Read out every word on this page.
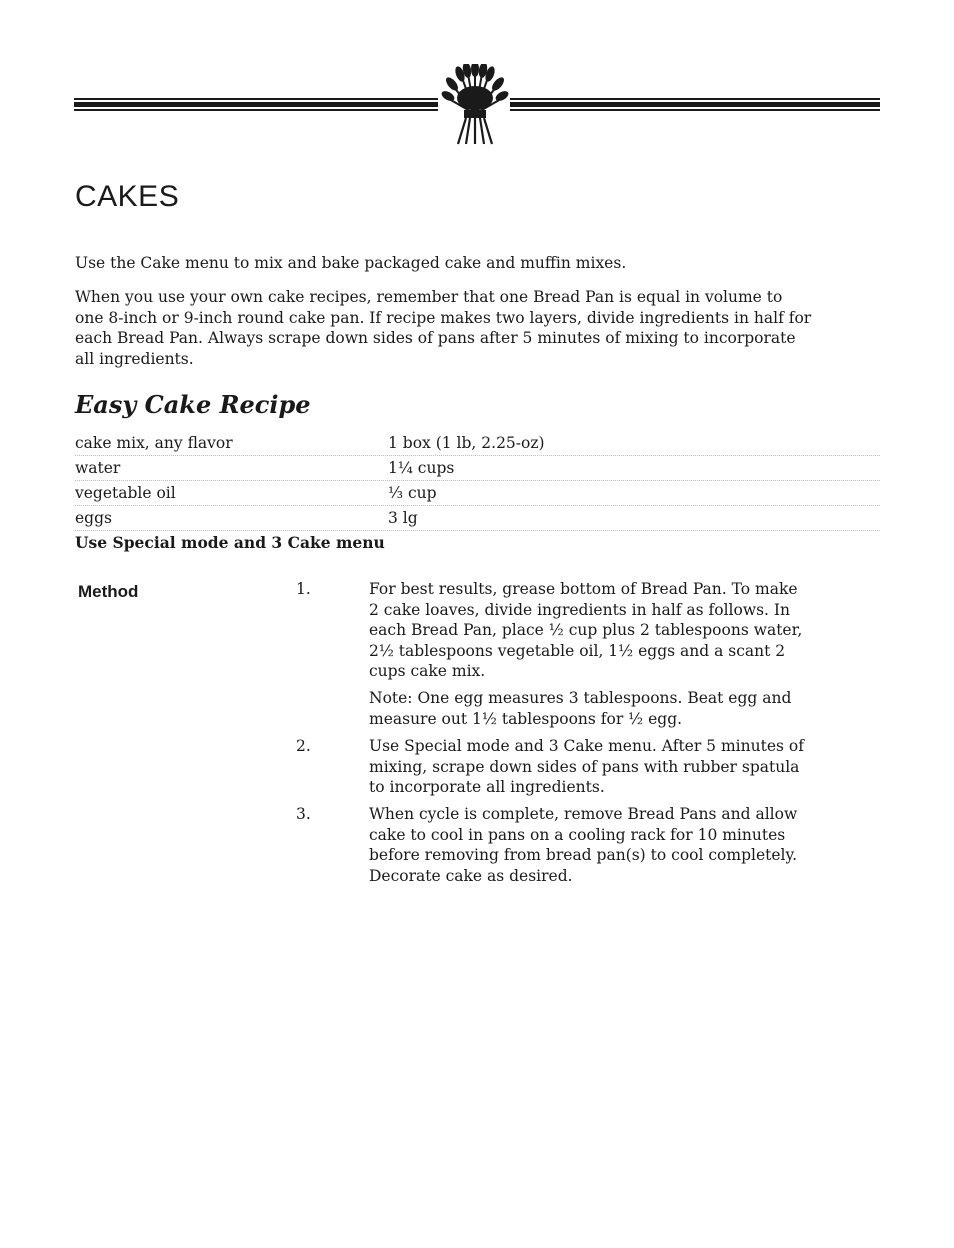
CAKES

Use the Cake menu to mix and bake packaged cake and muffin mixes.

When you use your own cake recipes, remember that one Bread Pan is equal in volume to one 8-inch or 9-inch round cake pan. If recipe makes two layers, divide ingredients in half for each Bread Pan. Always scrape down sides of pans after 5 minutes of mixing to incorporate all ingredients.

Easy Cake Recipe
cake mix, any flavor	1 box (1 lb, 2.25-oz)
water	1¼ cups
vegetable oil	⅓ cup
eggs	3 lg

Use Special mode and 3 Cake menu

Method	1.	For best results, grease bottom of Bread Pan. To make 2 cake loaves, divide ingredients in half as follows. In each Bread Pan, place ½ cup plus 2 tablespoons water, 2½ tablespoons vegetable oil, 1½ eggs and a scant 2 cups cake mix.

Note: One egg measures 3 tablespoons. Beat egg and measure out 1½ tablespoons for ½ egg.

2.	Use Special mode and 3 Cake menu. After 5 minutes of mixing, scrape down sides of pans with rubber spatula to incorporate all ingredients.

3.	When cycle is complete, remove Bread Pans and allow cake to cool in pans on a cooling rack for 10 minutes before removing from bread pan(s) to cool completely. Decorate cake as desired.
